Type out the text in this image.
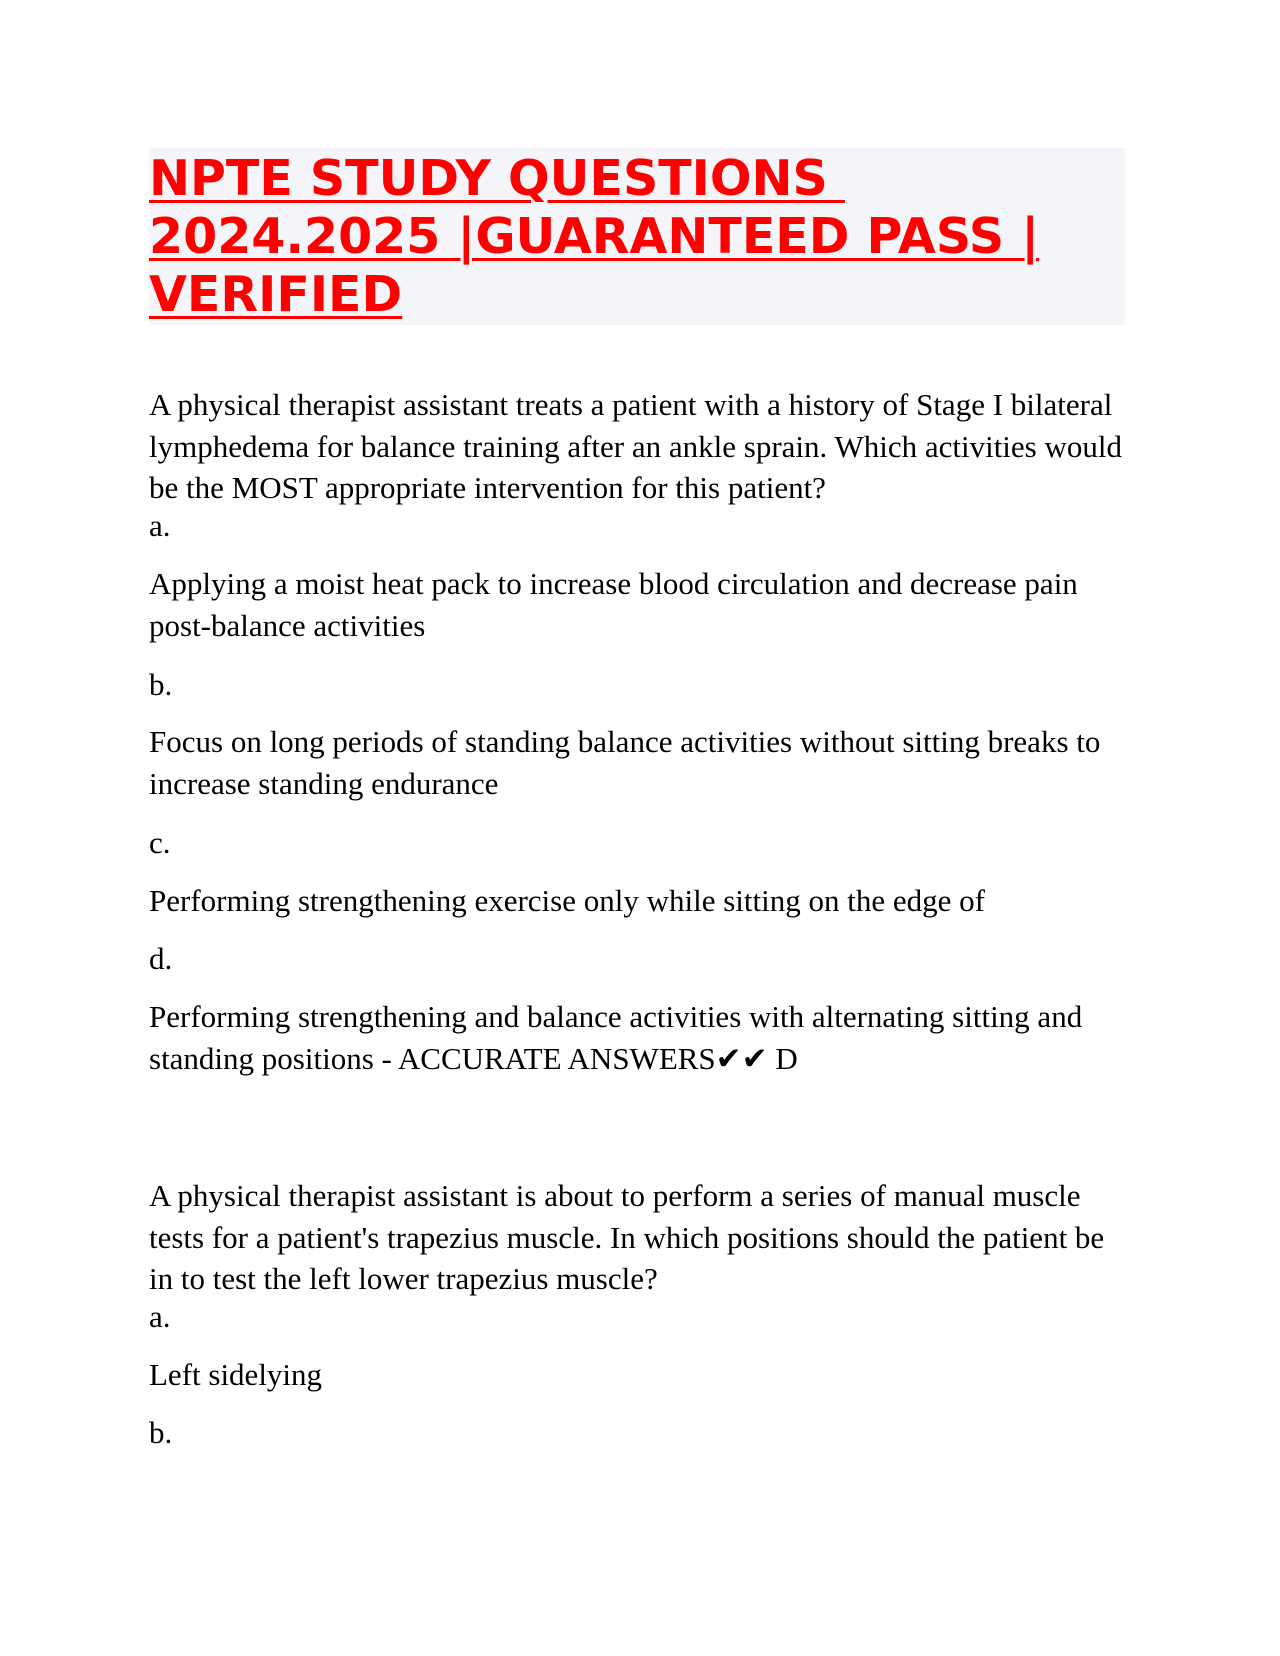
NPTE STUDY QUESTIONS
2024.2025 |GUARANTEED PASS |
VERIFIED

A physical therapist assistant treats a patient with a history of Stage I bilateral lymphedema for balance training after an ankle sprain. Which activities would be the MOST appropriate intervention for this patient?

a.

Applying a moist heat pack to increase blood circulation and decrease pain post-balance activities

b.

Focus on long periods of standing balance activities without sitting breaks to increase standing endurance

c.

Performing strengthening exercise only while sitting on the edge of

d.

Performing strengthening and balance activities with alternating sitting and standing positions - ACCURATE ANSWERS✔✔ D

A physical therapist assistant is about to perform a series of manual muscle tests for a patient's trapezius muscle. In which positions should the patient be in to test the left lower trapezius muscle?

a.

Left sidelying

b.
